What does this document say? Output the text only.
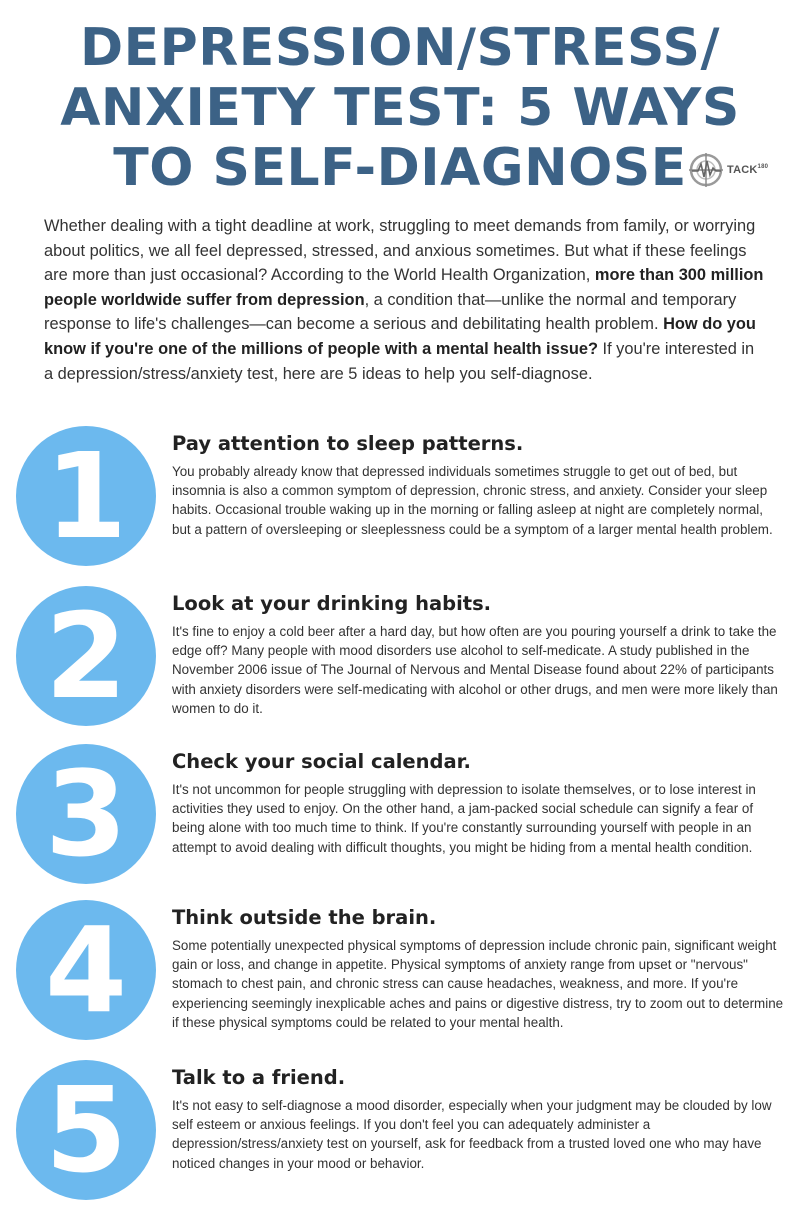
DEPRESSION/STRESS/
ANXIETY TEST: 5 WAYS
TO SELF-DIAGNOSE	TACK$^{180}$

Whether dealing with a tight deadline at work, struggling to meet demands from family, or worrying about politics, we all feel depressed, stressed, and anxious sometimes. But what if these feelings are more than just occasional? According to the World Health Organization, more than 300 million people worldwide suffer from depression, a condition that—unlike the normal and temporary response to life's challenges—can become a serious and debilitating health problem. How do you know if you're one of the millions of people with a mental health issue? If you're interested in a depression/stress/anxiety test, here are 5 ideas to help you self-diagnose.

1	Pay attention to sleep patterns.

You probably already know that depressed individuals sometimes struggle to get out of bed, but insomnia is also a common symptom of depression, chronic stress, and anxiety. Consider your sleep habits. Occasional trouble waking up in the morning or falling asleep at night are completely normal, but a pattern of oversleeping or sleeplessness could be a symptom of a larger mental health problem.

2	Look at your drinking habits.

It's fine to enjoy a cold beer after a hard day, but how often are you pouring yourself a drink to take the edge off? Many people with mood disorders use alcohol to self-medicate. A study published in the November 2006 issue of The Journal of Nervous and Mental Disease found about 22% of participants with anxiety disorders were self-medicating with alcohol or other drugs, and men were more likely than women to do it.

3	Check your social calendar.

It's not uncommon for people struggling with depression to isolate themselves, or to lose interest in activities they used to enjoy. On the other hand, a jam-packed social schedule can signify a fear of being alone with too much time to think. If you're constantly surrounding yourself with people in an attempt to avoid dealing with difficult thoughts, you might be hiding from a mental health condition.

4	Think outside the brain.

Some potentially unexpected physical symptoms of depression include chronic pain, significant weight gain or loss, and change in appetite. Physical symptoms of anxiety range from upset or "nervous" stomach to chest pain, and chronic stress can cause headaches, weakness, and more. If you're experiencing seemingly inexplicable aches and pains or digestive distress, try to zoom out to determine if these physical symptoms could be related to your mental health.

5	Talk to a friend.

It's not easy to self-diagnose a mood disorder, especially when your judgment may be clouded by low self esteem or anxious feelings. If you don't feel you can adequately administer a depression/stress/anxiety test on yourself, ask for feedback from a trusted loved one who may have noticed changes in your mood or behavior.
